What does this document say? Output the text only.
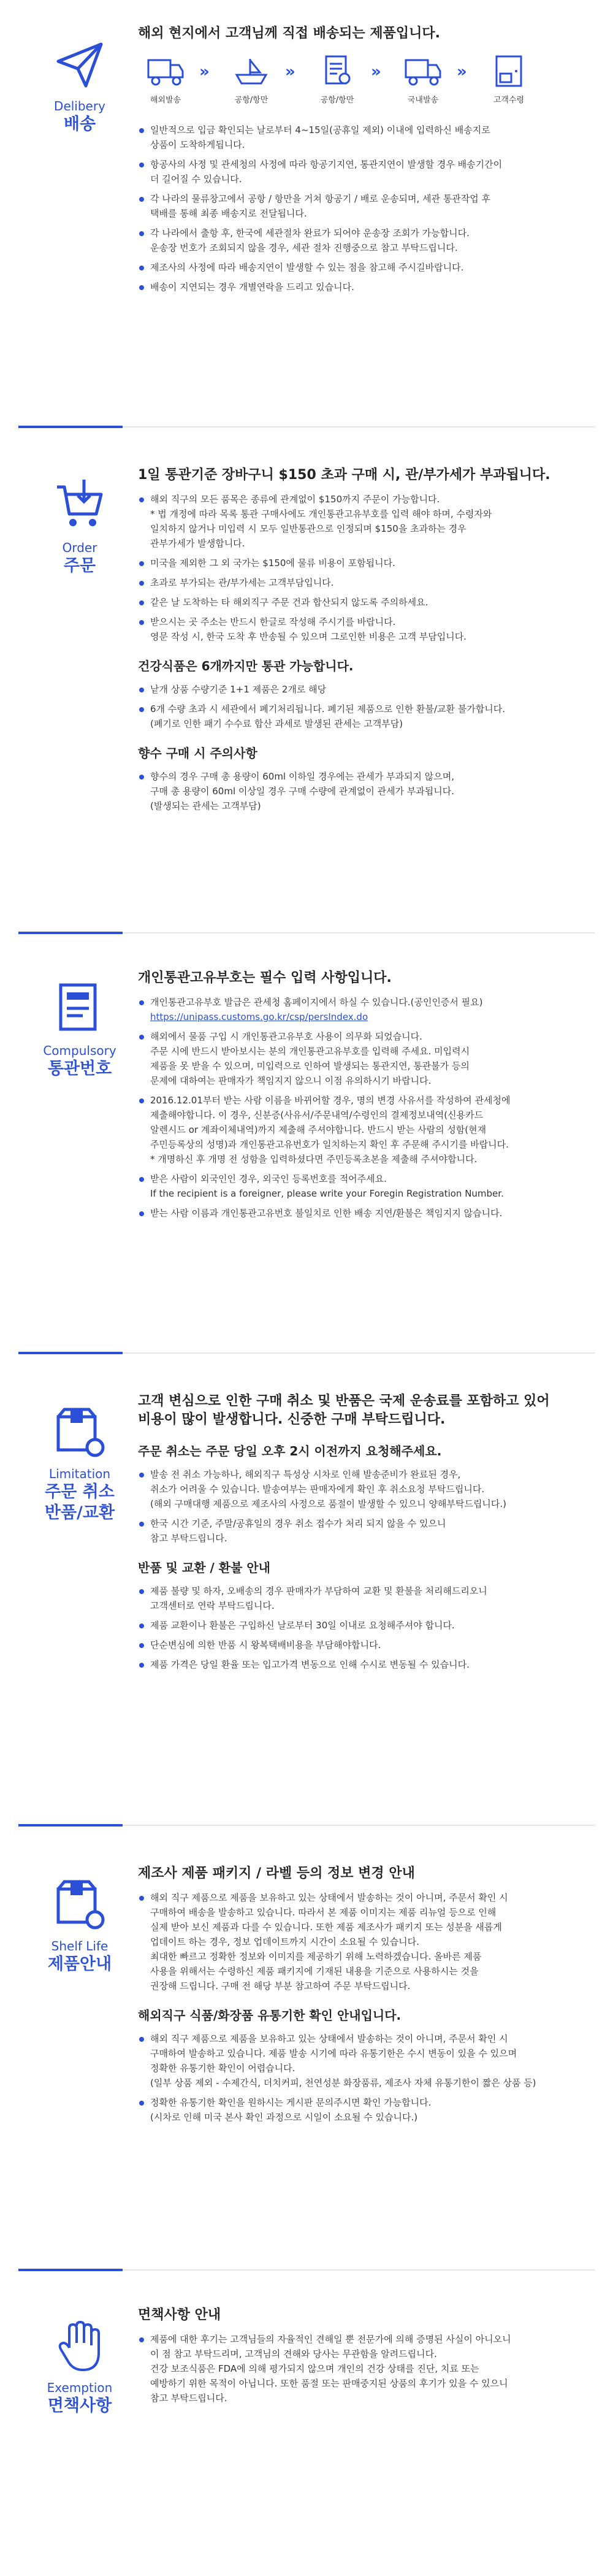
Delibery
배송
해외 현지에서 고객님께 직접 배송되는 제품입니다.
해외발송
»
공항/항만
»
공항/항만
»
국내발송
»
고객수령
일반적으로 입금 확인되는 날로부터 4~15일(공휴일 제외) 이내에 입력하신 배송지로
상품이 도착하게됩니다.
항공사의 사정 및 관세청의 사정에 따라 항공기지연, 통관지연이 발생할 경우 배송기간이
더 길어질 수 있습니다.
각 나라의 물류창고에서 공항 / 항만을 거쳐 항공기 / 배로 운송되며, 세관 통관작업 후
택배를 통해 최종 배송지로 전달됩니다.
각 나라에서 출항 후, 한국에 세관절차 완료가 되어야 운송장 조회가 가능합니다.
운송장 번호가 조회되지 않을 경우, 세관 절차 진행중으로 참고 부탁드립니다.
제조사의 사정에 따라 배송지연이 발생할 수 있는 점을 참고해 주시길바랍니다.
배송이 지연되는 경우 개별연락을 드리고 있습니다.
Order
주문
1일 통관기준 장바구니 $150 초과 구매 시, 관/부가세가 부과됩니다.
해외 직구의 모든 품목은 종류에 관계없이 $150까지 주문이 가능합니다.
* 법 개정에 따라 목록 통관 구매사에도 개인통관고유부호를 입력 해야 하며, 수령자와
일치하지 않거나 미입력 시 모두 일반통관으로 인정되며 $150을 초과하는 경우
관부가세가 발생합니다.
미국을 제외한 그 외 국가는 $150에 물류 비용이 포함됩니다.
초과로 부가되는 관/부가세는 고객부담입니다.
같은 날 도착하는 타 해외직구 주문 건과 합산되지 않도록 주의하세요.
받으시는 곳 주소는 반드시 한글로 작성해 주시기를 바랍니다.
영문 작성 시, 한국 도착 후 반송될 수 있으며 그로인한 비용은 고객 부담입니다.
건강식품은 6개까지만 통관 가능합니다.
낱개 상품 수량기준 1+1 제품은 2개로 해당
6개 수량 초과 시 세관에서 폐기처리됩니다. 폐기된 제품으로 인한 환불/교환 불가합니다.
(폐기로 인한 패기 수수료 합산 과세로 발생된 관세는 고객부담)
향수 구매 시 주의사항
향수의 경우 구매 총 용량이 60ml 이하일 경우에는 관세가 부과되지 않으며,
구매 총 용량이 60ml 이상일 경우 구매 수량에 관계없이 관세가 부과됩니다.
(발생되는 관세는 고객부담)
Compulsory
통관번호
개인통관고유부호는 필수 입력 사항입니다.
개인통관고유부호 발급은 관세청 홈페이지에서 하실 수 있습니다.(공인인증서 필요)
https://unipass.customs.go.kr/csp/persIndex.do
해외에서 물품 구입 시 개인통관고유부호 사용이 의무화 되었습니다.
주문 시에 반드시 받아보시는 분의 개인통관고유부호를 입력해 주세요. 미입력시
제품을 못 받을 수 있으며, 미입력으로 인하여 발생되는 통관지연, 통관불가 등의
문제에 대하여는 판매자가 책임지지 않으니 이점 유의하시기 바랍니다.
2016.12.01부터 받는 사람 이름을 바뀌어할 경우, 명의 변경 사유서를 작성하여 관세청에
제출해야합니다. 이 경우, 신분증(사유서/주문내역/수령인의 결제정보내역(신용카드
알렌시드 or 계좌이체내역)까지 제출해 주셔야합니다. 반드시 받는 사람의 성함(현재
주민등록상의 성명)과 개인통관고유번호가 일치하는지 확인 후 주문해 주시기를 바랍니다.
* 개명하신 후 개명 전 성함을 입력하셨다면 주민등록초본을 제출해 주셔야합니다.
받은 사람이 외국인인 경우, 외국인 등록번호를 적어주세요.
If the recipient is a foreigner, please write your Foregin Registration Number.
받는 사람 이름과 개인통관고유번호 불일치로 인한 배송 지연/환불은 책임지지 않습니다.
Limitation
주문 취소
반품/교환
고객 변심으로 인한 구매 취소 및 반품은 국제 운송료를 포함하고 있어
비용이 많이 발생합니다. 신중한 구매 부탁드립니다.
주문 취소는 주문 당일 오후 2시 이전까지 요청해주세요.
발송 전 취소 가능하나, 해외직구 특성상 시차로 인해 발송준비가 완료된 경우,
취소가 어려울 수 있습니다. 발송여부는 판매자에게 확인 후 취소요청 부탁드립니다.
(해외 구매대행 제품으로 제조사의 사정으로 품절이 발생할 수 있으니 양해부탁드립니다.)
한국 시간 기준, 주말/공휴일의 경우 취소 접수가 처리 되지 않을 수 있으니
참고 부탁드립니다.
반품 및 교환 / 환불 안내
제품 불량 및 하자, 오배송의 경우 판매자가 부담하여 교환 및 환불을 처리해드리오니
고객센터로 연락 부탁드립니다.
제품 교환이나 환불은 구입하신 날로부터 30일 이내로 요청해주셔야 합니다.
단순변심에 의한 반품 시 왕복택배비용을 부담해야합니다.
제품 가격은 당일 환율 또는 입고가격 변동으로 인해 수시로 변동될 수 있습니다.
Shelf Life
제품안내
제조사 제품 패키지 / 라벨 등의 정보 변경 안내
해외 직구 제품으로 제품을 보유하고 있는 상태에서 발송하는 것이 아니며, 주문서 확인 시
구매하여 배송을 발송하고 있습니다. 따라서 본 제품 이미지는 제품 리뉴얼 등으로 인해
실제 받아 보신 제품과 다를 수 있습니다. 또한 제품 제조사가 패키지 또는 성분을 새롭게
업데이트 하는 경우, 정보 업데이트까지 시간이 소요될 수 있습니다.
최대한 빠르고 정확한 정보와 이미지를 제공하기 위해 노력하겠습니다. 올바른 제품
사용을 위해서는 수령하신 제품 패키지에 기재된 내용을 기준으로 사용하시는 것을
권장해 드립니다. 구매 전 해당 부분 참고하여 주문 부탁드립니다.
해외직구 식품/화장품 유통기한 확인 안내입니다.
해외 직구 제품으로 제품을 보유하고 있는 상태에서 발송하는 것이 아니며, 주문서 확인 시
구매하여 발송하고 있습니다. 제품 발송 시기에 따라 유통기한은 수시 변동이 있을 수 있으며
정확한 유통기한 확인이 어렵습니다.
(일부 상품 제외 - 수제간식, 더치커피, 천연성분 화장품류, 제조사 자체 유통기한이 짧은 상품 등)
정확한 유통기한 확인을 원하시는 게시판 문의주시면 확인 가능합니다.
(시차로 인해 미국 본사 확인 과정으로 시일이 소요될 수 있습니다.)
Exemption
면책사항
면책사항 안내
제품에 대한 후기는 고객님들의 자율적인 견해일 뿐 전문가에 의해 증명된 사실이 아니오니
이 점 참고 부탁드리며, 고객님의 견해와 당사는 무관함을 알려드립니다.
건강 보조식품은 FDA에 의해 평가되지 않으며 개인의 건강 상태를 진단, 치료 또는
예방하기 위한 목적이 아닙니다. 또한 품절 또는 판매중지된 상품의 후기가 있을 수 있으니
참고 부탁드립니다.
